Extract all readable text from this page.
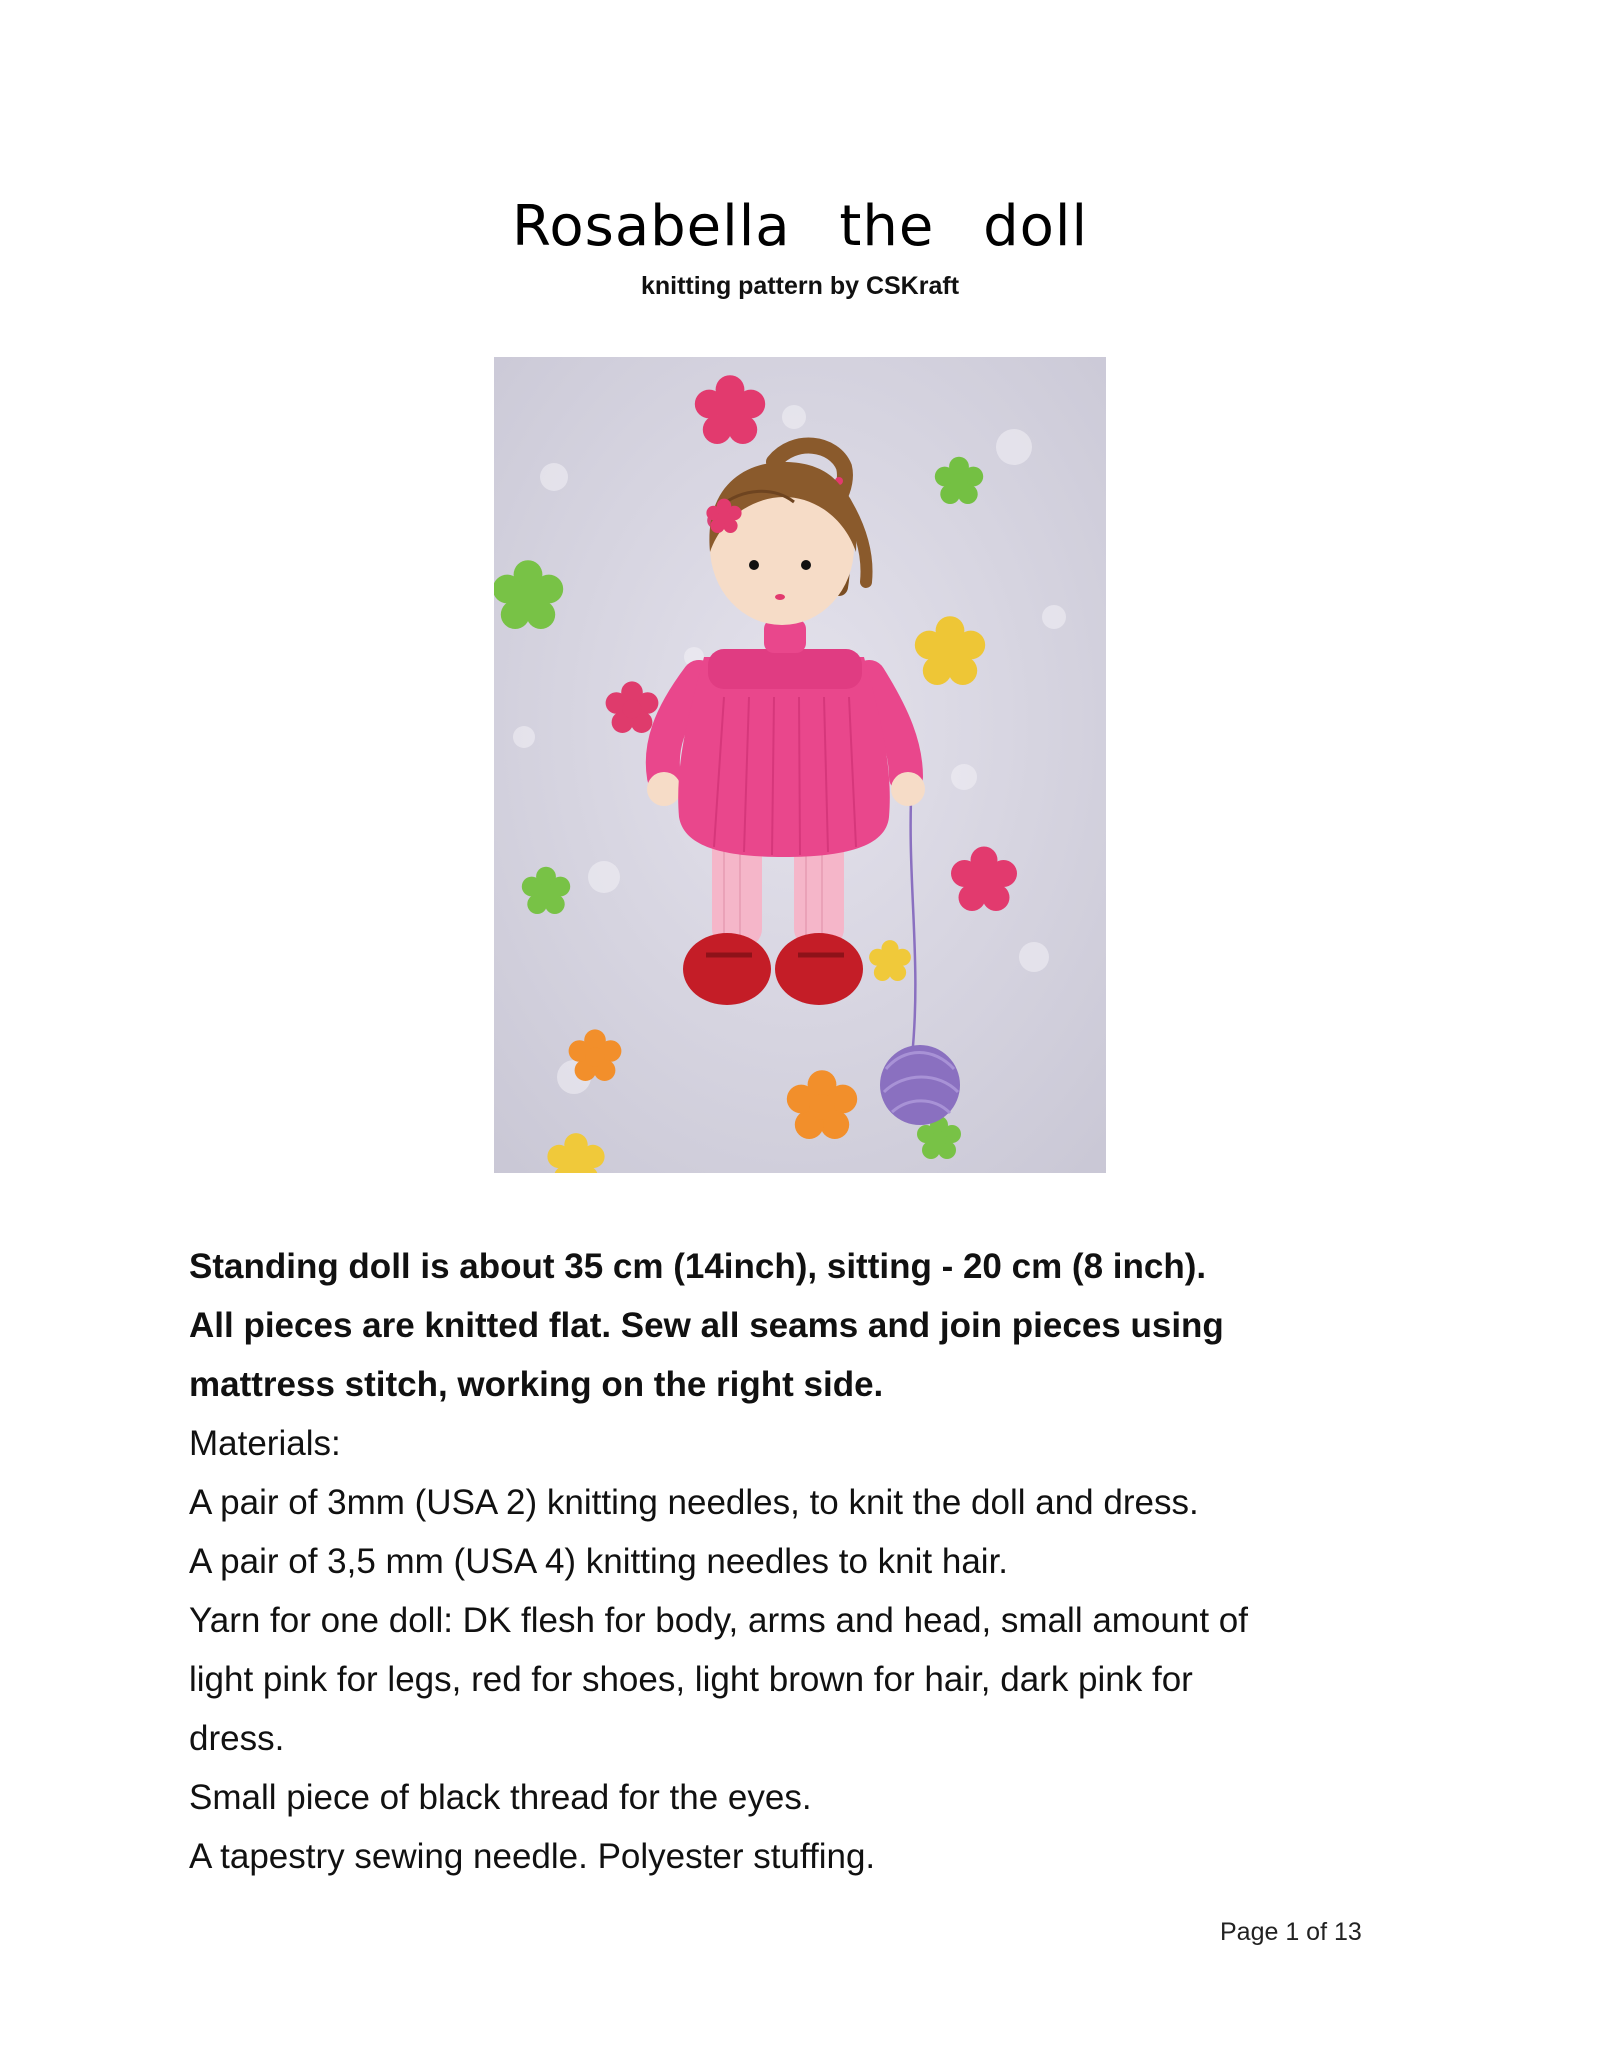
Rosabella the doll
knitting pattern by CSKraft
Standing doll is about 35 cm (14inch), sitting - 20 cm (8 inch).
All pieces are knitted flat. Sew all seams and join pieces using
mattress stitch, working on the right side.
Materials:
A pair of 3mm (USA 2) knitting needles, to knit the doll and dress.
A pair of 3,5 mm (USA 4) knitting needles to knit hair.
Yarn for one doll: DK flesh for body, arms and head, small amount of
light pink for legs, red for shoes, light brown for hair, dark pink for
dress.
Small piece of black thread for the eyes.
A tapestry sewing needle. Polyester stuffing.
Page 1 of 13
